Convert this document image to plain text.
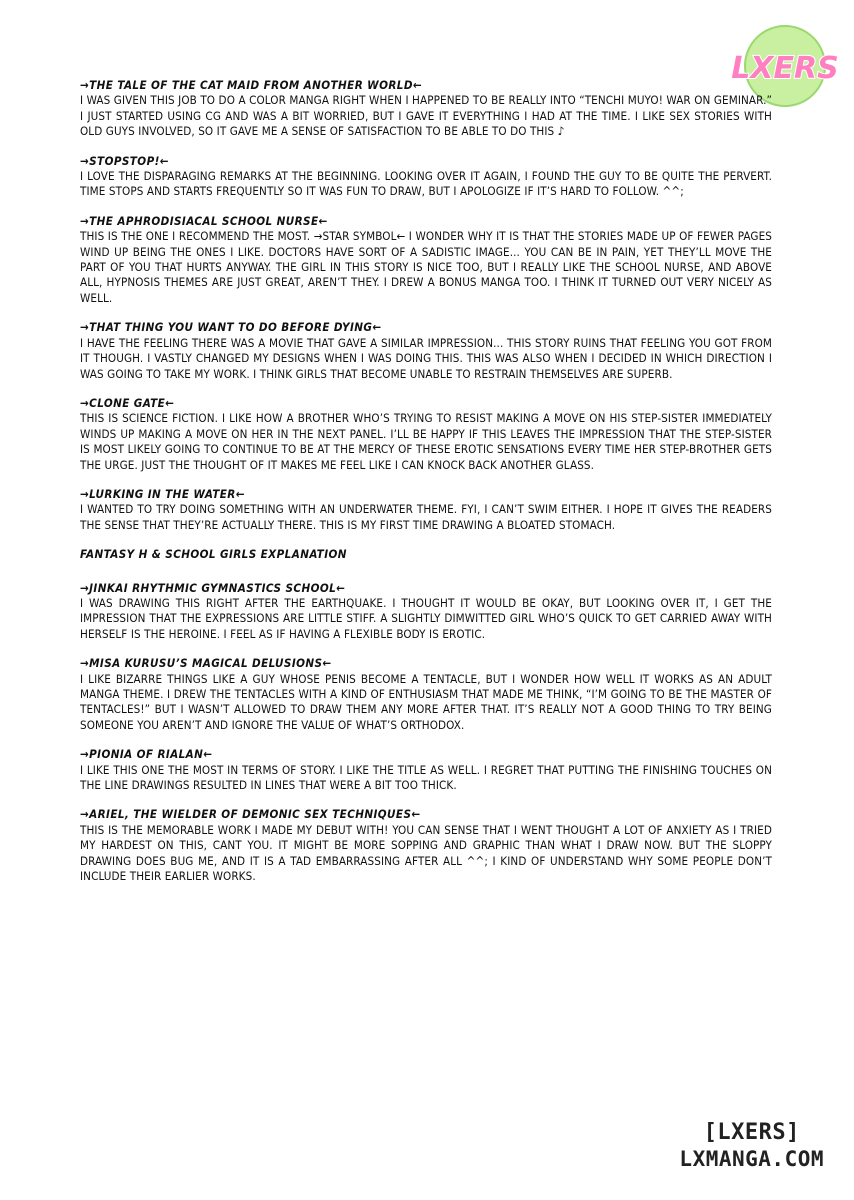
LXERS
→THE TALE OF THE CAT MAID FROM ANOTHER WORLD←
I WAS GIVEN THIS JOB TO DO A COLOR MANGA RIGHT WHEN I HAPPENED TO BE REALLY INTO “TENCHI MUYO! WAR ON GEMINAR.” I JUST STARTED USING CG AND WAS A BIT WORRIED, BUT I GAVE IT EVERYTHING I HAD AT THE TIME. I LIKE SEX STORIES WITH OLD GUYS INVOLVED, SO IT GAVE ME A SENSE OF SATISFACTION TO BE ABLE TO DO THIS ♪
→STOPSTOP!←
I LOVE THE DISPARAGING REMARKS AT THE BEGINNING. LOOKING OVER IT AGAIN, I FOUND THE GUY TO BE QUITE THE PERVERT. TIME STOPS AND STARTS FREQUENTLY SO IT WAS FUN TO DRAW, BUT I APOLOGIZE IF IT’S HARD TO FOLLOW. ^^;
→THE APHRODISIACAL SCHOOL NURSE←
THIS IS THE ONE I RECOMMEND THE MOST. →STAR SYMBOL← I WONDER WHY IT IS THAT THE STORIES MADE UP OF FEWER PAGES WIND UP BEING THE ONES I LIKE. DOCTORS HAVE SORT OF A SADISTIC IMAGE... YOU CAN BE IN PAIN, YET THEY’LL MOVE THE PART OF YOU THAT HURTS ANYWAY. THE GIRL IN THIS STORY IS NICE TOO, BUT I REALLY LIKE THE SCHOOL NURSE, AND ABOVE ALL, HYPNOSIS THEMES ARE JUST GREAT, AREN’T THEY. I DREW A BONUS MANGA TOO. I THINK IT TURNED OUT VERY NICELY AS WELL.
→THAT THING YOU WANT TO DO BEFORE DYING←
I HAVE THE FEELING THERE WAS A MOVIE THAT GAVE A SIMILAR IMPRESSION... THIS STORY RUINS THAT FEELING YOU GOT FROM IT THOUGH. I VASTLY CHANGED MY DESIGNS WHEN I WAS DOING THIS. THIS WAS ALSO WHEN I DECIDED IN WHICH DIRECTION I WAS GOING TO TAKE MY WORK. I THINK GIRLS THAT BECOME UNABLE TO RESTRAIN THEMSELVES ARE SUPERB.
→CLONE GATE←
THIS IS SCIENCE FICTION. I LIKE HOW A BROTHER WHO’S TRYING TO RESIST MAKING A MOVE ON HIS STEP-SISTER IMMEDIATELY WINDS UP MAKING A MOVE ON HER IN THE NEXT PANEL. I’LL BE HAPPY IF THIS LEAVES THE IMPRESSION THAT THE STEP-SISTER IS MOST LIKELY GOING TO CONTINUE TO BE AT THE MERCY OF THESE EROTIC SENSATIONS EVERY TIME HER STEP-BROTHER GETS THE URGE. JUST THE THOUGHT OF IT MAKES ME FEEL LIKE I CAN KNOCK BACK ANOTHER GLASS.
→LURKING IN THE WATER←
I WANTED TO TRY DOING SOMETHING WITH AN UNDERWATER THEME. FYI, I CAN’T SWIM EITHER. I HOPE IT GIVES THE READERS THE SENSE THAT THEY’RE ACTUALLY THERE. THIS IS MY FIRST TIME DRAWING A BLOATED STOMACH.
FANTASY H & SCHOOL GIRLS EXPLANATION
→JINKAI RHYTHMIC GYMNASTICS SCHOOL←
I WAS DRAWING THIS RIGHT AFTER THE EARTHQUAKE. I THOUGHT IT WOULD BE OKAY, BUT LOOKING OVER IT, I GET THE IMPRESSION THAT THE EXPRESSIONS ARE LITTLE STIFF. A SLIGHTLY DIMWITTED GIRL WHO’S QUICK TO GET CARRIED AWAY WITH HERSELF IS THE HEROINE. I FEEL AS IF HAVING A FLEXIBLE BODY IS EROTIC.
→MISA KURUSU’S MAGICAL DELUSIONS←
I LIKE BIZARRE THINGS LIKE A GUY WHOSE PENIS BECOME A TENTACLE, BUT I WONDER HOW WELL IT WORKS AS AN ADULT MANGA THEME. I DREW THE TENTACLES WITH A KIND OF ENTHUSIASM THAT MADE ME THINK, “I’M GOING TO BE THE MASTER OF TENTACLES!” BUT I WASN’T ALLOWED TO DRAW THEM ANY MORE AFTER THAT. IT’S REALLY NOT A GOOD THING TO TRY BEING SOMEONE YOU AREN’T AND IGNORE THE VALUE OF WHAT’S ORTHODOX.
→PIONIA OF RIALAN←
I LIKE THIS ONE THE MOST IN TERMS OF STORY. I LIKE THE TITLE AS WELL. I REGRET THAT PUTTING THE FINISHING TOUCHES ON THE LINE DRAWINGS RESULTED IN LINES THAT WERE A BIT TOO THICK.
→ARIEL, THE WIELDER OF DEMONIC SEX TECHNIQUES←
THIS IS THE MEMORABLE WORK I MADE MY DEBUT WITH! YOU CAN SENSE THAT I WENT THOUGHT A LOT OF ANXIETY AS I TRIED MY HARDEST ON THIS, CANT YOU. IT MIGHT BE MORE SOPPING AND GRAPHIC THAN WHAT I DRAW NOW. BUT THE SLOPPY DRAWING DOES BUG ME, AND IT IS A TAD EMBARRASSING AFTER ALL ^^; I KIND OF UNDERSTAND WHY SOME PEOPLE DON’T INCLUDE THEIR EARLIER WORKS.
[LXERS]
LXMANGA.COM
